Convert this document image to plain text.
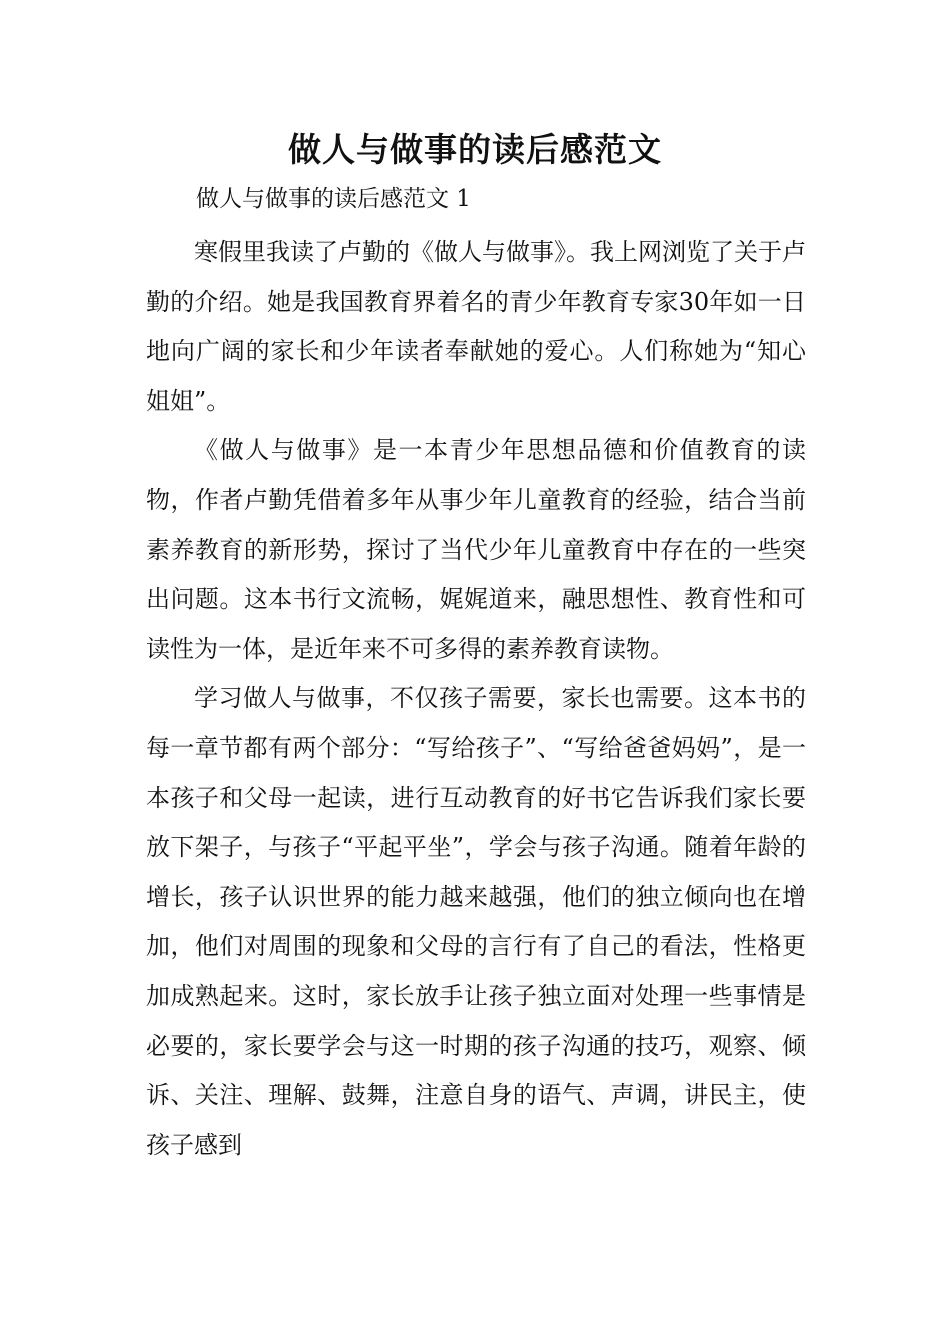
做人与做事的读后感范文
做人与做事的读后感范文 1

寒假里我读了卢勤的《做人与做事》。我上网浏览了关于卢勤的介绍。她是我国教育界着名的青少年教育专家30年如一日地向广阔的家长和少年读者奉献她的爱心。人们称她为“知心姐姐”。

《做人与做事》是一本青少年思想品德和价值教育的读物，作者卢勤凭借着多年从事少年儿童教育的经验，结合当前素养教育的新形势，探讨了当代少年儿童教育中存在的一些突出问题。这本书行文流畅，娓娓道来，融思想性、教育性和可读性为一体，是近年来不可多得的素养教育读物。

学习做人与做事，不仅孩子需要，家长也需要。这本书的每一章节都有两个部分：“写给孩子”、“写给爸爸妈妈”，是一本孩子和父母一起读，进行互动教育的好书它告诉我们家长要放下架子，与孩子“平起平坐”，学会与孩子沟通。随着年龄的增长，孩子认识世界的能力越来越强，他们的独立倾向也在增加，他们对周围的现象和父母的言行有了自己的看法，性格更加成熟起来。这时，家长放手让孩子独立面对处理一些事情是必要的，家长要学会与这一时期的孩子沟通的技巧，观察、倾诉、关注、理解、鼓舞，注意自身的语气、声调，讲民主，使孩子感到
